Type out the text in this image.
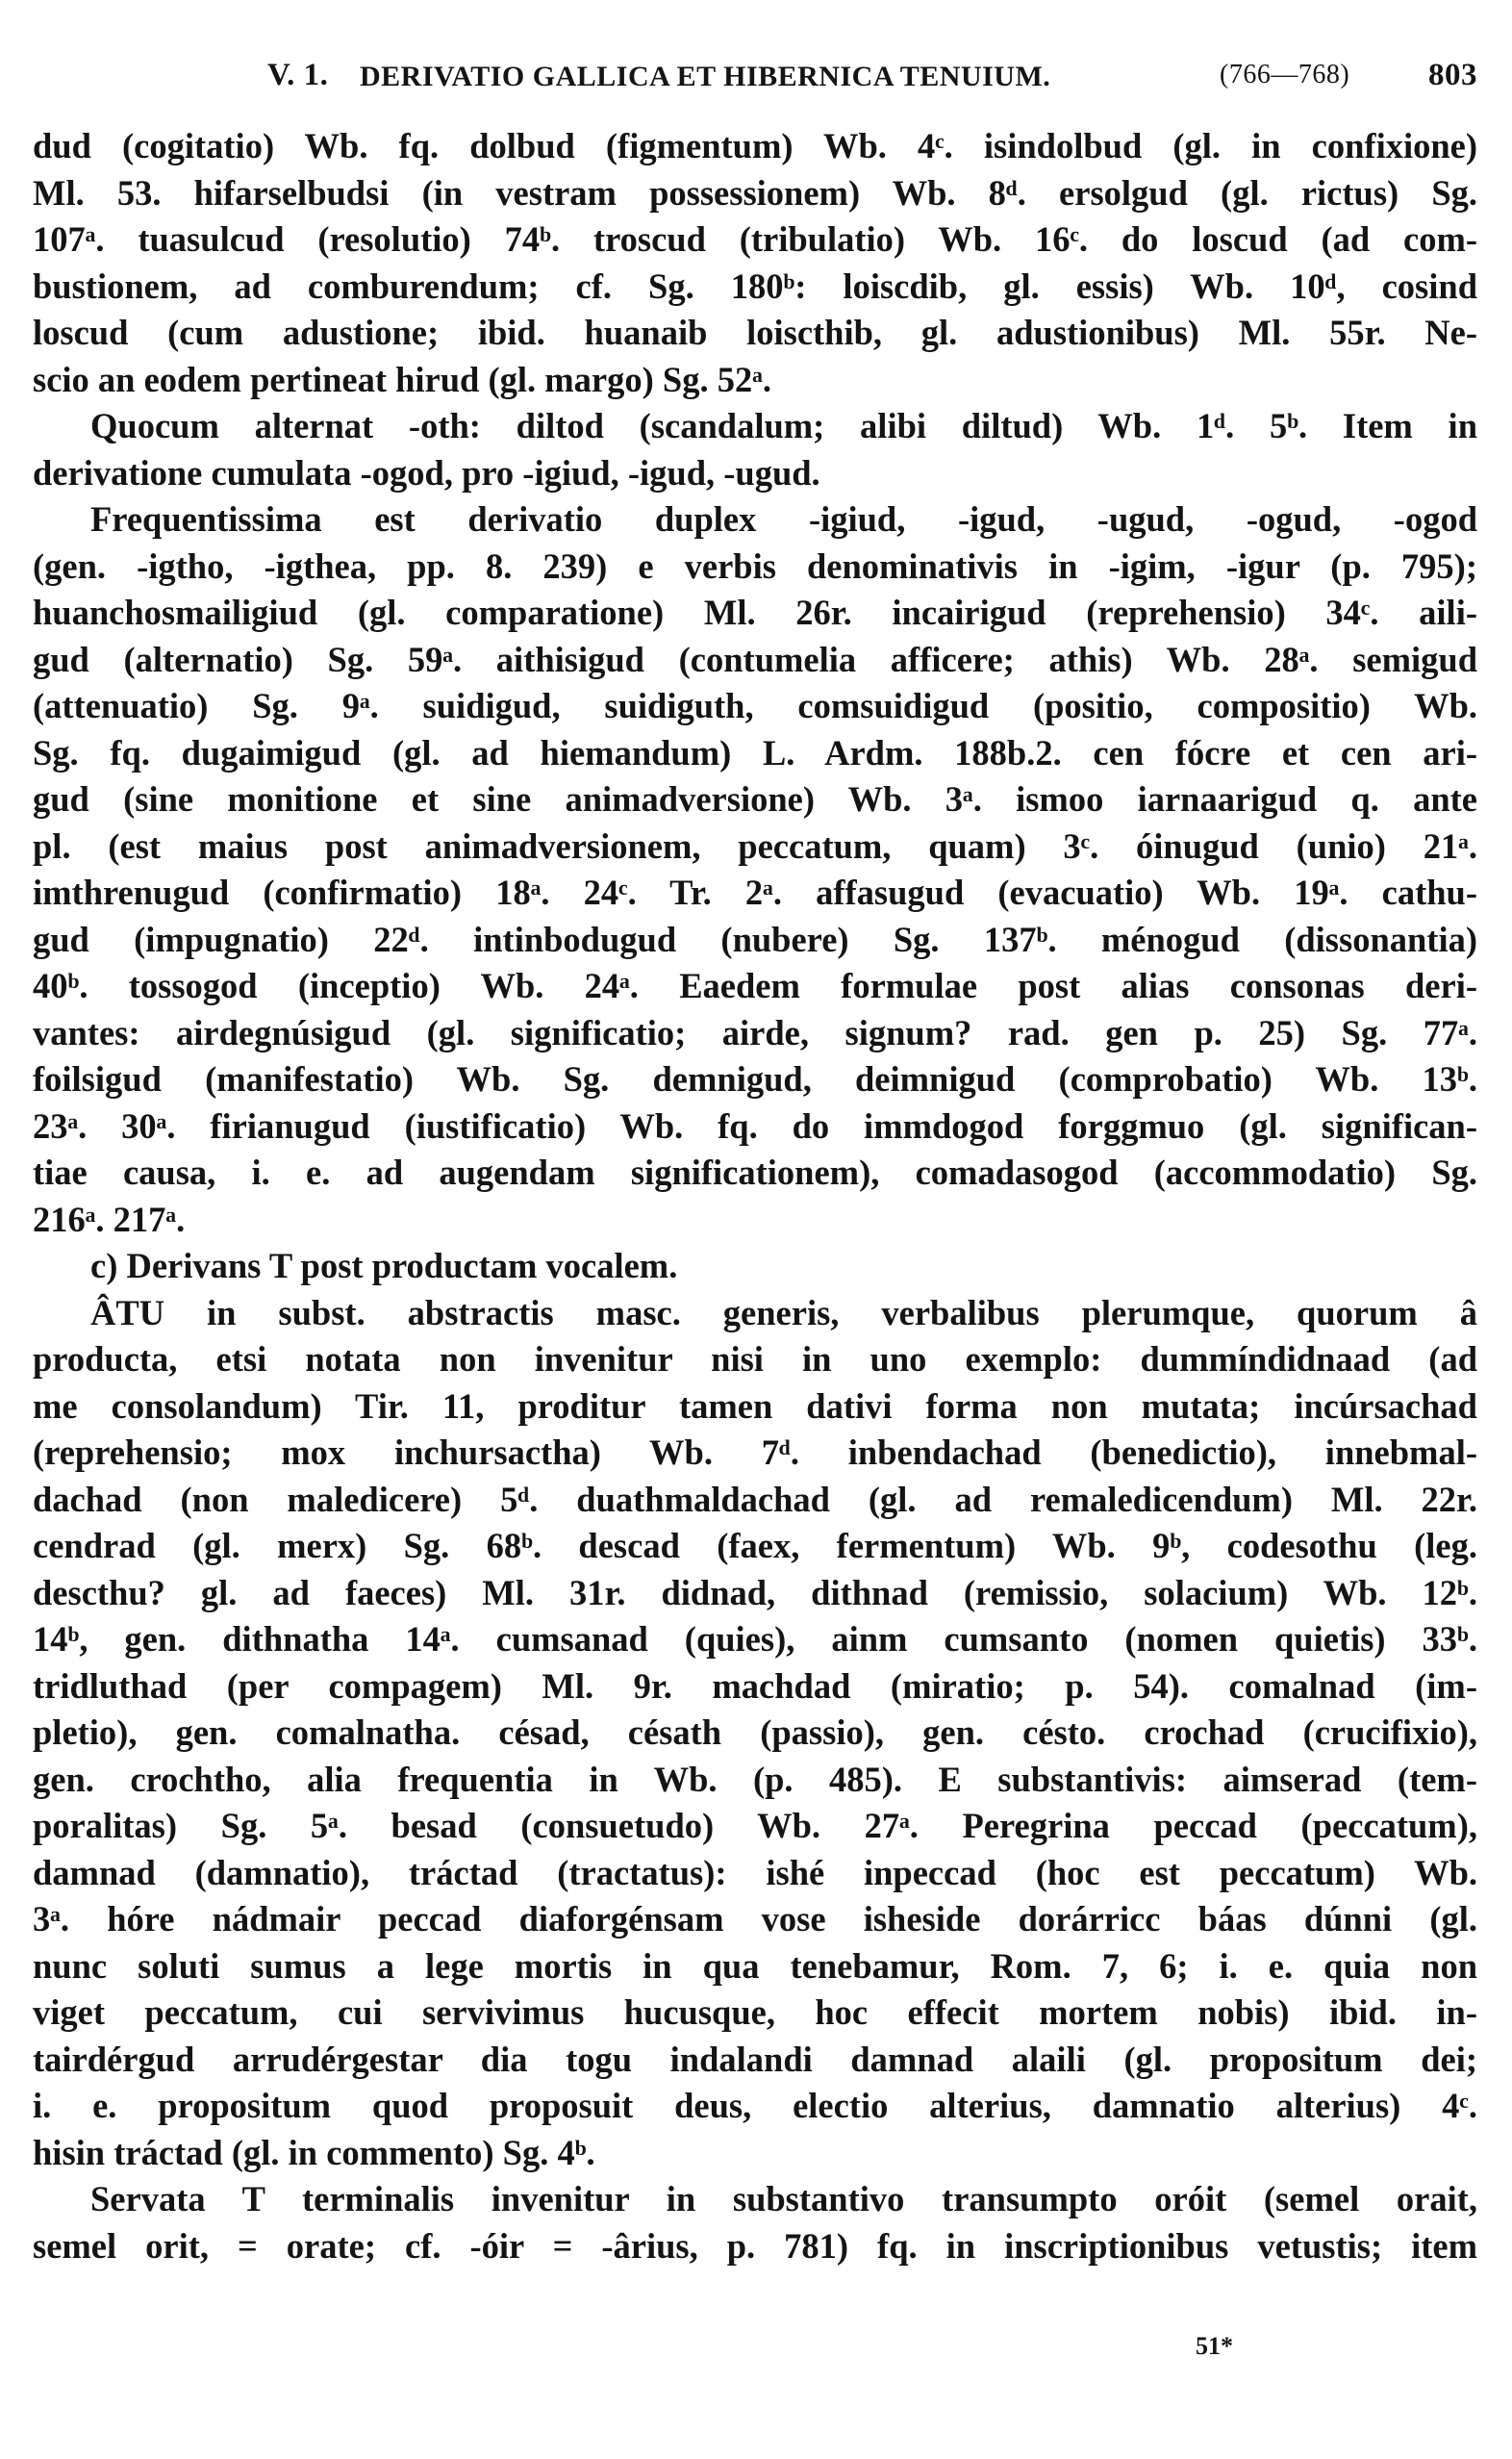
V. 1. DERIVATIO GALLICA ET HIBERNICA TENUIUM.	(766—768) 803
dud (cogitatio) Wb. fq. dolbud (figmentum) Wb. 4ᶜ. isindolbud (gl. in confixione)
Ml. 53. hifarselbudsi (in vestram possessionem) Wb. 8ᵈ. ersolgud (gl. rictus) Sg.
107ᵃ. tuasulcud (resolutio) 74ᵇ. troscud (tribulatio) Wb. 16ᶜ. do loscud (ad com-
bustionem, ad comburendum; cf. Sg. 180ᵇ: loiscdib, gl. essis) Wb. 10ᵈ, cosind
loscud (cum adustione; ibid. huanaib loiscthib, gl. adustionibus) Ml. 55r. Ne-
scio an eodem pertineat hirud (gl. margo) Sg. 52ᵃ.
Quocum alternat -oth: diltod (scandalum; alibi diltud) Wb. 1ᵈ. 5ᵇ. Item in
derivatione cumulata -ogod, pro -igiud, -igud, -ugud.
Frequentissima est derivatio duplex -igiud, -igud, -ugud, -ogud, -ogod
(gen. -igtho, -igthea, pp. 8. 239) e verbis denominativis in -igim, -igur (p. 795);
huanchosmailigiud (gl. comparatione) Ml. 26r. incairigud (reprehensio) 34ᶜ. aili-
gud (alternatio) Sg. 59ᵃ. aithisigud (contumelia afficere; athis) Wb. 28ᵃ. semigud
(attenuatio) Sg. 9ᵃ. suidigud, suidiguth, comsuidigud (positio, compositio) Wb.
Sg. fq. dugaimigud (gl. ad hiemandum) L. Ardm. 188b.2. cen fócre et cen ari-
gud (sine monitione et sine animadversione) Wb. 3ᵃ. ismoo iarnaarigud q. ante
pl. (est maius post animadversionem, peccatum, quam) 3ᶜ. óinugud (unio) 21ᵃ.
imthrenugud (confirmatio) 18ᵃ. 24ᶜ. Tr. 2ᵃ. affasugud (evacuatio) Wb. 19ᵃ. cathu-
gud (impugnatio) 22ᵈ. intinbodugud (nubere) Sg. 137ᵇ. ménogud (dissonantia)
40ᵇ. tossogod (inceptio) Wb. 24ᵃ. Eaedem formulae post alias consonas deri-
vantes: airdegnúsigud (gl. significatio; airde, signum? rad. gen p. 25) Sg. 77ᵃ.
foilsigud (manifestatio) Wb. Sg. demnigud, deimnigud (comprobatio) Wb. 13ᵇ.
23ᵃ. 30ᵃ. firianugud (iustificatio) Wb. fq. do immdogod forggmuo (gl. significan-
tiae causa, i. e. ad augendam significationem), comadasogod (accommodatio) Sg.
216ᵃ. 217ᵃ.
c) Derivans T post productam vocalem.
ÂTU in subst. abstractis masc. generis, verbalibus plerumque, quorum â
producta, etsi notata non invenitur nisi in uno exemplo: dummíndidnaad (ad
me consolandum) Tir. 11, proditur tamen dativi forma non mutata; incúrsachad
(reprehensio; mox inchursactha) Wb. 7ᵈ. inbendachad (benedictio), innebmal-
dachad (non maledicere) 5ᵈ. duathmaldachad (gl. ad remaledicendum) Ml. 22r.
cendrad (gl. merx) Sg. 68ᵇ. descad (faex, fermentum) Wb. 9ᵇ, codesothu (leg.
descthu? gl. ad faeces) Ml. 31r. didnad, dithnad (remissio, solacium) Wb. 12ᵇ.
14ᵇ, gen. dithnatha 14ᵃ. cumsanad (quies), ainm cumsanto (nomen quietis) 33ᵇ.
tridluthad (per compagem) Ml. 9r. machdad (miratio; p. 54). comalnad (im-
pletio), gen. comalnatha. césad, césath (passio), gen. césto. crochad (crucifixio),
gen. crochtho, alia frequentia in Wb. (p. 485). E substantivis: aimserad (tem-
poralitas) Sg. 5ᵃ. besad (consuetudo) Wb. 27ᵃ. Peregrina peccad (peccatum),
damnad (damnatio), tráctad (tractatus): ishé inpeccad (hoc est peccatum) Wb.
3ᵃ. hóre nádmair peccad diaforgénsam vose isheside dorárricc báas dúnni (gl.
nunc soluti sumus a lege mortis in qua tenebamur, Rom. 7, 6; i. e. quia non
viget peccatum, cui servivimus hucusque, hoc effecit mortem nobis) ibid. in-
tairdérgud arrudérgestar dia togu indalandi damnad alaili (gl. propositum dei;
i. e. propositum quod proposuit deus, electio alterius, damnatio alterius) 4ᶜ.
hisin tráctad (gl. in commento) Sg. 4ᵇ.
Servata T terminalis invenitur in substantivo transumpto oróit (semel orait,
semel orit, = orate; cf. -óir = -ârius, p. 781) fq. in inscriptionibus vetustis; item
51*
